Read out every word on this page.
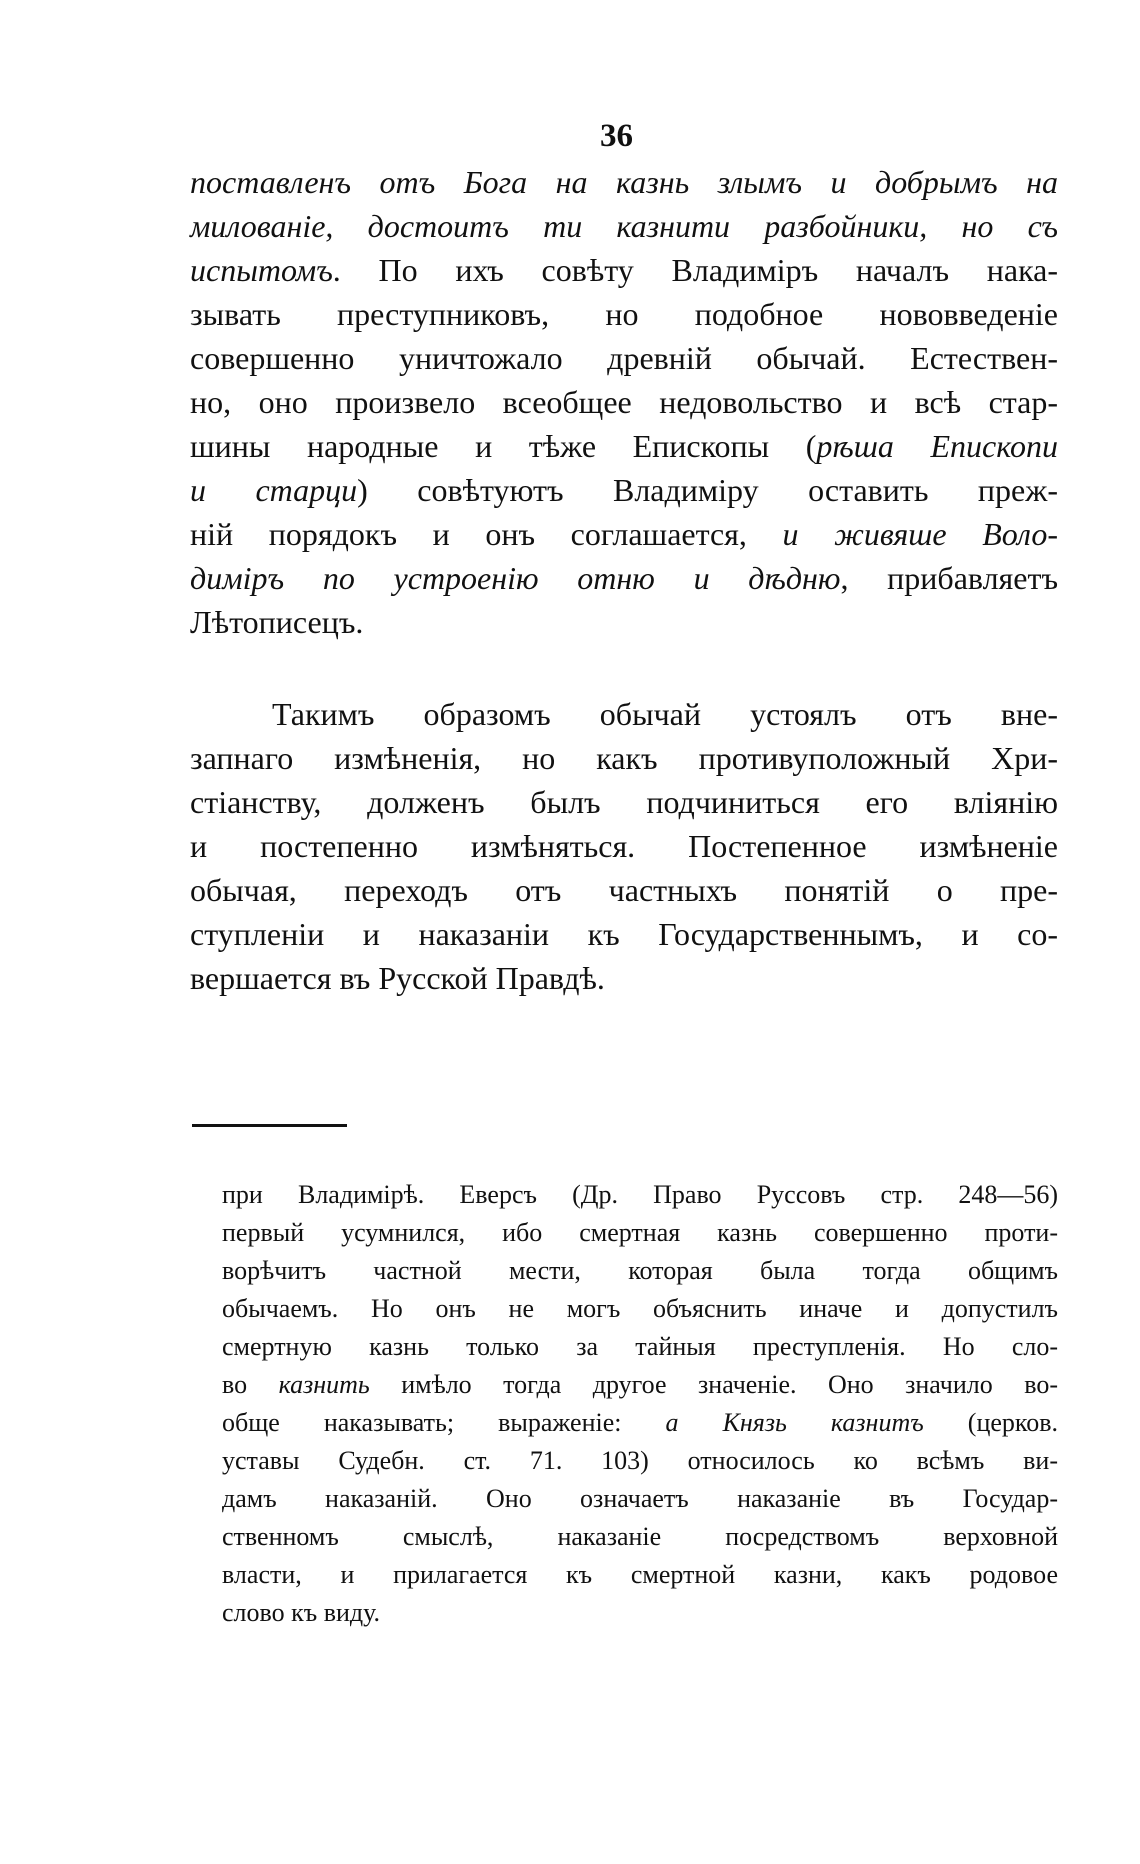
36
поставленъ отъ Бога на казнь злымъ и добрымъ на
милованіе, достоитъ ти казнити разбойники, но съ
испытомъ. По ихъ совѣту Владиміръ началъ нака-
зывать преступниковъ, но подобное нововведеніе
совершенно уничтожало древній обычай. Естествен-
но, оно произвело всеобщее недовольство и всѣ стар-
шины народные и тѣже Епископы (рѣша Епископи
и старци) совѣтуютъ Владиміру оставить преж-
ній порядокъ и онъ соглашается, и живяше Воло-
диміръ по устроенію отню и дѣдню, прибавляетъ
Лѣтописецъ.
Такимъ образомъ обычай устоялъ отъ вне-
запнаго измѣненія, но какъ противуположный Хри-
стіанству, долженъ былъ подчиниться его вліянію
и постепенно измѣняться. Постепенное измѣненіе
обычая, переходъ отъ частныхъ понятій о пре-
ступленіи и наказаніи къ Государственнымъ, и со-
вершается въ Русской Правдѣ.
при Владимірѣ. Еверсъ (Др. Право Руссовъ стр. 248—56)
первый усумнился, ибо смертная казнь совершенно проти-
ворѣчитъ частной мести, которая была тогда общимъ
обычаемъ. Но онъ не могъ объяснить иначе и допустилъ
смертную казнь только за тайныя преступленія. Но сло-
во казнить имѣло тогда другое значеніе. Оно значило во-
обще наказывать; выраженіе: а Князь казнитъ (церков.
уставы Судебн. ст. 71. 103) относилось ко всѣмъ ви-
дамъ наказаній. Оно означаетъ наказаніе въ Государ-
ственномъ смыслѣ, наказаніе посредствомъ верховной
власти, и прилагается къ смертной казни, какъ родовое
слово къ виду.
